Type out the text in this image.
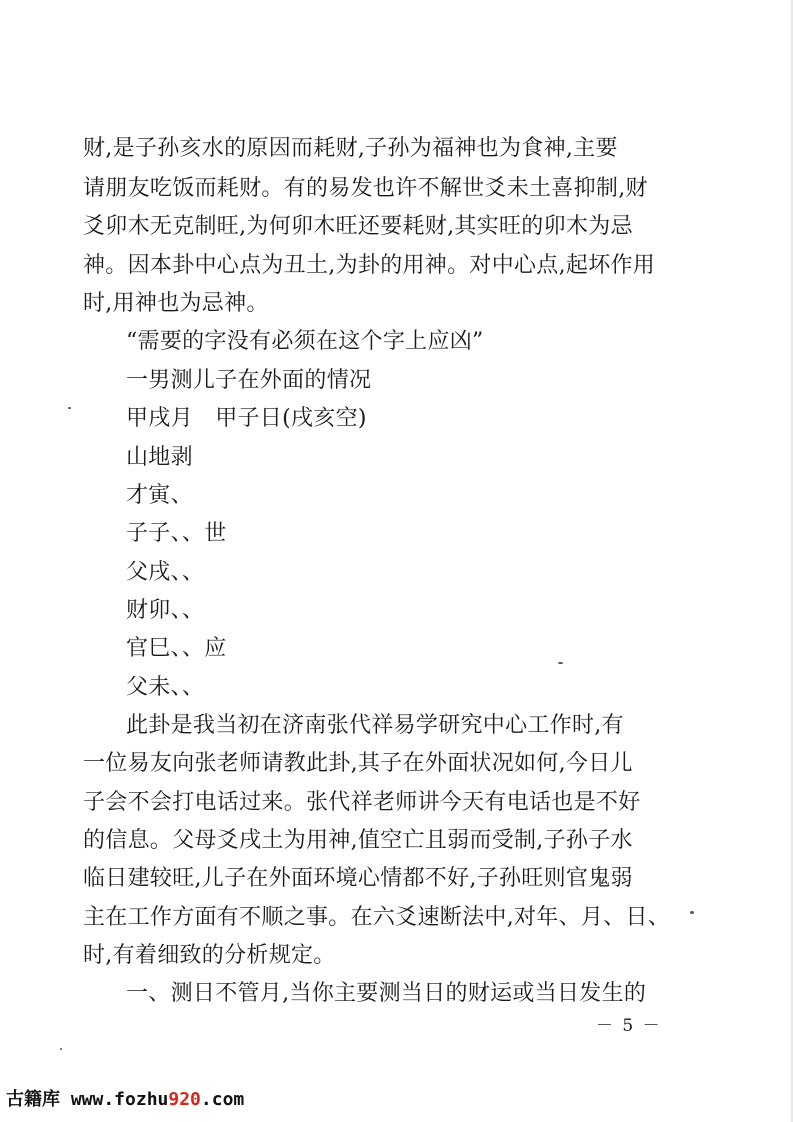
财,是子孙亥水的原因而耗财,子孙为福神也为食神,主要
请朋友吃饭而耗财。有的易发也许不解世爻未土喜抑制,财
爻卯木无克制旺,为何卯木旺还要耗财,其实旺的卯木为忌
神。因本卦中心点为丑土,为卦的用神。对中心点,起坏作用
时,用神也为忌神。
“需要的字没有必须在这个字上应凶”
一男测儿子在外面的情况
甲戌月　甲子日(戌亥空)
山地剥
才寅、
子子、、世
父戌、、
财卯、、
官巳、、应
父未、、
此卦是我当初在济南张代祥易学研究中心工作时,有
一位易友向张老师请教此卦,其子在外面状况如何,今日儿
子会不会打电话过来。张代祥老师讲今天有电话也是不好
的信息。父母爻戌土为用神,值空亡且弱而受制,子孙子水
临日建较旺,儿子在外面环境心情都不好,子孙旺则官鬼弱
主在工作方面有不顺之事。在六爻速断法中,对年、月、日、
时,有着细致的分析规定。
一、测日不管月,当你主要测当日的财运或当日发生的
－ 5 －
古籍库 www.fozhu920.com
